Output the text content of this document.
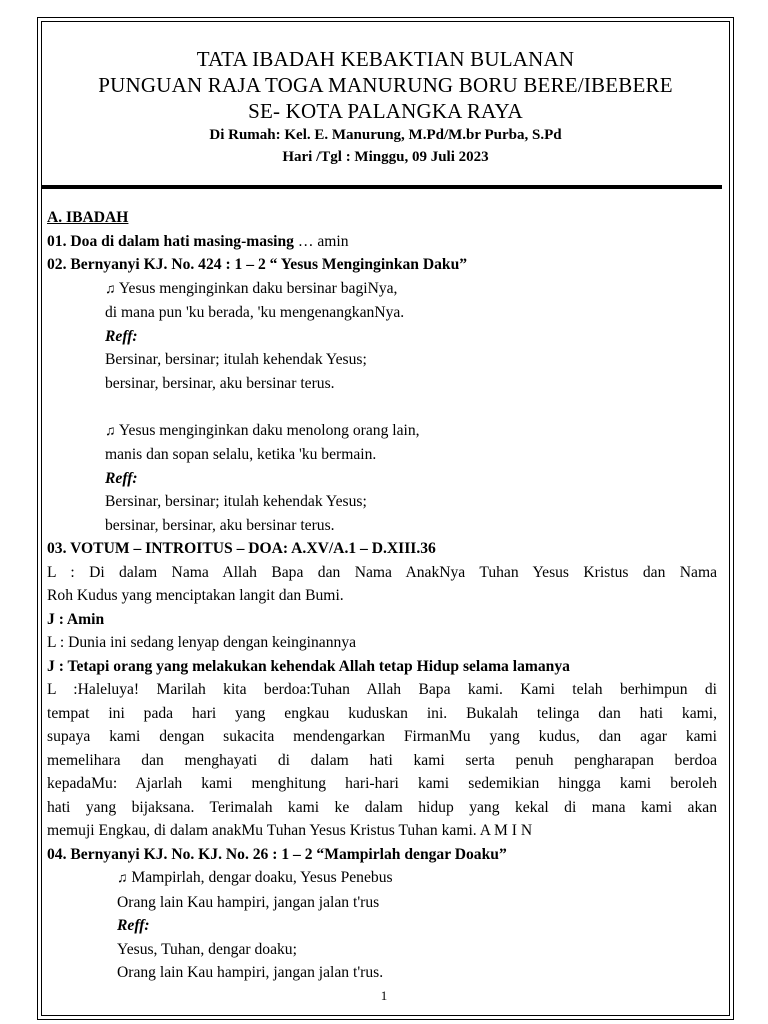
TATA IBADAH KEBAKTIAN BULANAN
PUNGUAN RAJA TOGA MANURUNG BORU BERE/IBEBERE
SE- KOTA PALANGKA RAYA
Di Rumah: Kel. E. Manurung, M.Pd/M.br Purba, S.Pd
Hari /Tgl : Minggu, 09 Juli 2023

A. IBADAH

01. Doa di dalam hati masing-masing … amin

02. Bernyanyi KJ. No. 424 : 1 – 2 “ Yesus Menginginkan Daku”

♫ Yesus menginginkan daku bersinar bagiNya,

di mana pun 'ku berada, 'ku mengenangkanNya.

Reff:

Bersinar, bersinar; itulah kehendak Yesus;

bersinar, bersinar, aku bersinar terus.

♫ Yesus menginginkan daku menolong orang lain,

manis dan sopan selalu, ketika 'ku bermain.

Reff:

Bersinar, bersinar; itulah kehendak Yesus;

bersinar, bersinar, aku bersinar terus.

03. VOTUM – INTROITUS – DOA: A.XV/A.1 – D.XIII.36

L : Di dalam Nama Allah Bapa dan Nama AnakNya Tuhan Yesus Kristus dan Nama

Roh Kudus yang menciptakan langit dan Bumi.

J : Amin

L : Dunia ini sedang lenyap dengan keinginannya

J : Tetapi orang yang melakukan kehendak Allah tetap Hidup selama lamanya

L :Haleluya! Marilah kita berdoa:Tuhan Allah Bapa kami. Kami telah berhimpun di

tempat ini pada hari yang engkau kuduskan ini. Bukalah telinga dan hati kami,

supaya kami dengan sukacita mendengarkan FirmanMu yang kudus, dan agar kami

memelihara dan menghayati di dalam hati kami serta penuh pengharapan berdoa

kepadaMu: Ajarlah kami menghitung hari-hari kami sedemikian hingga kami beroleh

hati yang bijaksana. Terimalah kami ke dalam hidup yang kekal di mana kami akan

memuji Engkau, di dalam anakMu Tuhan Yesus Kristus Tuhan kami. A M I N

04. Bernyanyi KJ. No. KJ. No. 26 : 1 – 2 “Mampirlah dengar Doaku”

♫ Mampirlah, dengar doaku, Yesus Penebus

Orang lain Kau hampiri, jangan jalan t'rus

Reff:

Yesus, Tuhan, dengar doaku;

Orang lain Kau hampiri, jangan jalan t'rus.

1
